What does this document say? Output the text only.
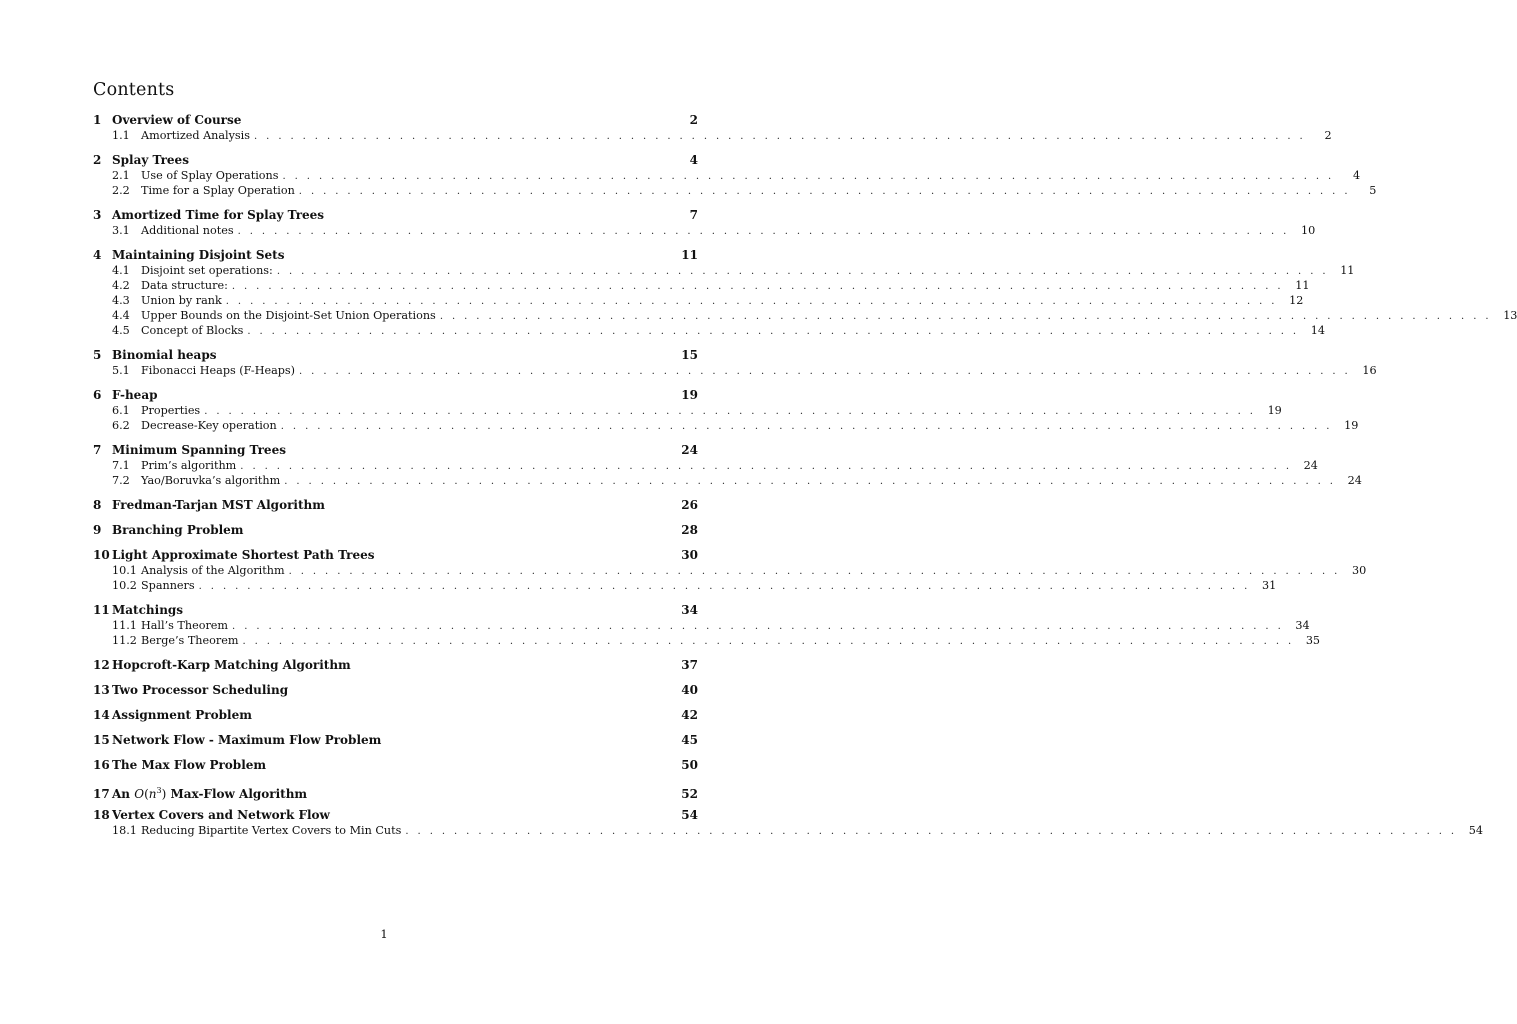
Contents
1 Overview of Course	2
1.1	Amortized Analysis . . . . . . . . . . . . . . . . . . . . . . . . . . . . . . . . . . . . . . . . . . . . . . . . . . . . . . . . . . . . . . . . . . . . . . . . . . . . . . . . . . . . . . .	2
2 Splay Trees	4
2.1	Use of Splay Operations . . . . . . . . . . . . . . . . . . . . . . . . . . . . . . . . . . . . . . . . . . . . . . . . . . . . . . . . . . . . . . . . . . . . . . . . . . . . . . . . . . . . . . .	4
2.2	Time for a Splay Operation . . . . . . . . . . . . . . . . . . . . . . . . . . . . . . . . . . . . . . . . . . . . . . . . . . . . . . . . . . . . . . . . . . . . . . . . . . . . . . . . . . . . . . .	5
3 Amortized Time for Splay Trees	7
3.1	Additional notes . . . . . . . . . . . . . . . . . . . . . . . . . . . . . . . . . . . . . . . . . . . . . . . . . . . . . . . . . . . . . . . . . . . . . . . . . . . . . . . . . . . . . . .	10
4 Maintaining Disjoint Sets	11
4.1	Disjoint set operations: . . . . . . . . . . . . . . . . . . . . . . . . . . . . . . . . . . . . . . . . . . . . . . . . . . . . . . . . . . . . . . . . . . . . . . . . . . . . . . . . . . . . . . .	11
4.2	Data structure: . . . . . . . . . . . . . . . . . . . . . . . . . . . . . . . . . . . . . . . . . . . . . . . . . . . . . . . . . . . . . . . . . . . . . . . . . . . . . . . . . . . . . . .	11
4.3	Union by rank . . . . . . . . . . . . . . . . . . . . . . . . . . . . . . . . . . . . . . . . . . . . . . . . . . . . . . . . . . . . . . . . . . . . . . . . . . . . . . . . . . . . . . .	12
4.4	Upper Bounds on the Disjoint-Set Union Operations . . . . . . . . . . . . . . . . . . . . . . . . . . . . . . . . . . . . . . . . . . . . . . . . . . . . . . . . . . . . . . . . . . . . . . . . . . . . . . . . . . . . . . .	13
4.5	Concept of Blocks . . . . . . . . . . . . . . . . . . . . . . . . . . . . . . . . . . . . . . . . . . . . . . . . . . . . . . . . . . . . . . . . . . . . . . . . . . . . . . . . . . . . . . .	14
5 Binomial heaps	15
5.1	Fibonacci Heaps (F-Heaps) . . . . . . . . . . . . . . . . . . . . . . . . . . . . . . . . . . . . . . . . . . . . . . . . . . . . . . . . . . . . . . . . . . . . . . . . . . . . . . . . . . . . . . .	16
6 F-heap	19
6.1	Properties . . . . . . . . . . . . . . . . . . . . . . . . . . . . . . . . . . . . . . . . . . . . . . . . . . . . . . . . . . . . . . . . . . . . . . . . . . . . . . . . . . . . . . .	19
6.2	Decrease-Key operation . . . . . . . . . . . . . . . . . . . . . . . . . . . . . . . . . . . . . . . . . . . . . . . . . . . . . . . . . . . . . . . . . . . . . . . . . . . . . . . . . . . . . . .	19
7 Minimum Spanning Trees	24
7.1	Prim’s algorithm . . . . . . . . . . . . . . . . . . . . . . . . . . . . . . . . . . . . . . . . . . . . . . . . . . . . . . . . . . . . . . . . . . . . . . . . . . . . . . . . . . . . . . .	24
7.2	Yao/Boruvka’s algorithm . . . . . . . . . . . . . . . . . . . . . . . . . . . . . . . . . . . . . . . . . . . . . . . . . . . . . . . . . . . . . . . . . . . . . . . . . . . . . . . . . . . . . . .	24
8 Fredman-Tarjan MST Algorithm	26
9 Branching Problem	28
10 Light Approximate Shortest Path Trees	30
10.1 Analysis of the Algorithm . . . . . . . . . . . . . . . . . . . . . . . . . . . . . . . . . . . . . . . . . . . . . . . . . . . . . . . . . . . . . . . . . . . . . . . . . . . . . . . . . . . . . . .	30
10.2 Spanners . . . . . . . . . . . . . . . . . . . . . . . . . . . . . . . . . . . . . . . . . . . . . . . . . . . . . . . . . . . . . . . . . . . . . . . . . . . . . . . . . . . . . . .	31
11 Matchings	34
11.1 Hall’s Theorem . . . . . . . . . . . . . . . . . . . . . . . . . . . . . . . . . . . . . . . . . . . . . . . . . . . . . . . . . . . . . . . . . . . . . . . . . . . . . . . . . . . . . . .	34
11.2 Berge’s Theorem . . . . . . . . . . . . . . . . . . . . . . . . . . . . . . . . . . . . . . . . . . . . . . . . . . . . . . . . . . . . . . . . . . . . . . . . . . . . . . . . . . . . . . .	35
12 Hopcroft-Karp Matching Algorithm	37
13 Two Processor Scheduling	40
14 Assignment Problem	42
15 Network Flow - Maximum Flow Problem	45
16 The Max Flow Problem	50
17 An $O(n^3)$ Max-Flow Algorithm	52
18 Vertex Covers and Network Flow	54
18.1 Reducing Bipartite Vertex Covers to Min Cuts . . . . . . . . . . . . . . . . . . . . . . . . . . . . . . . . . . . . . . . . . . . . . . . . . . . . . . . . . . . . . . . . . . . . . . . . . . . . . . . . . . . . . . .	54
1
